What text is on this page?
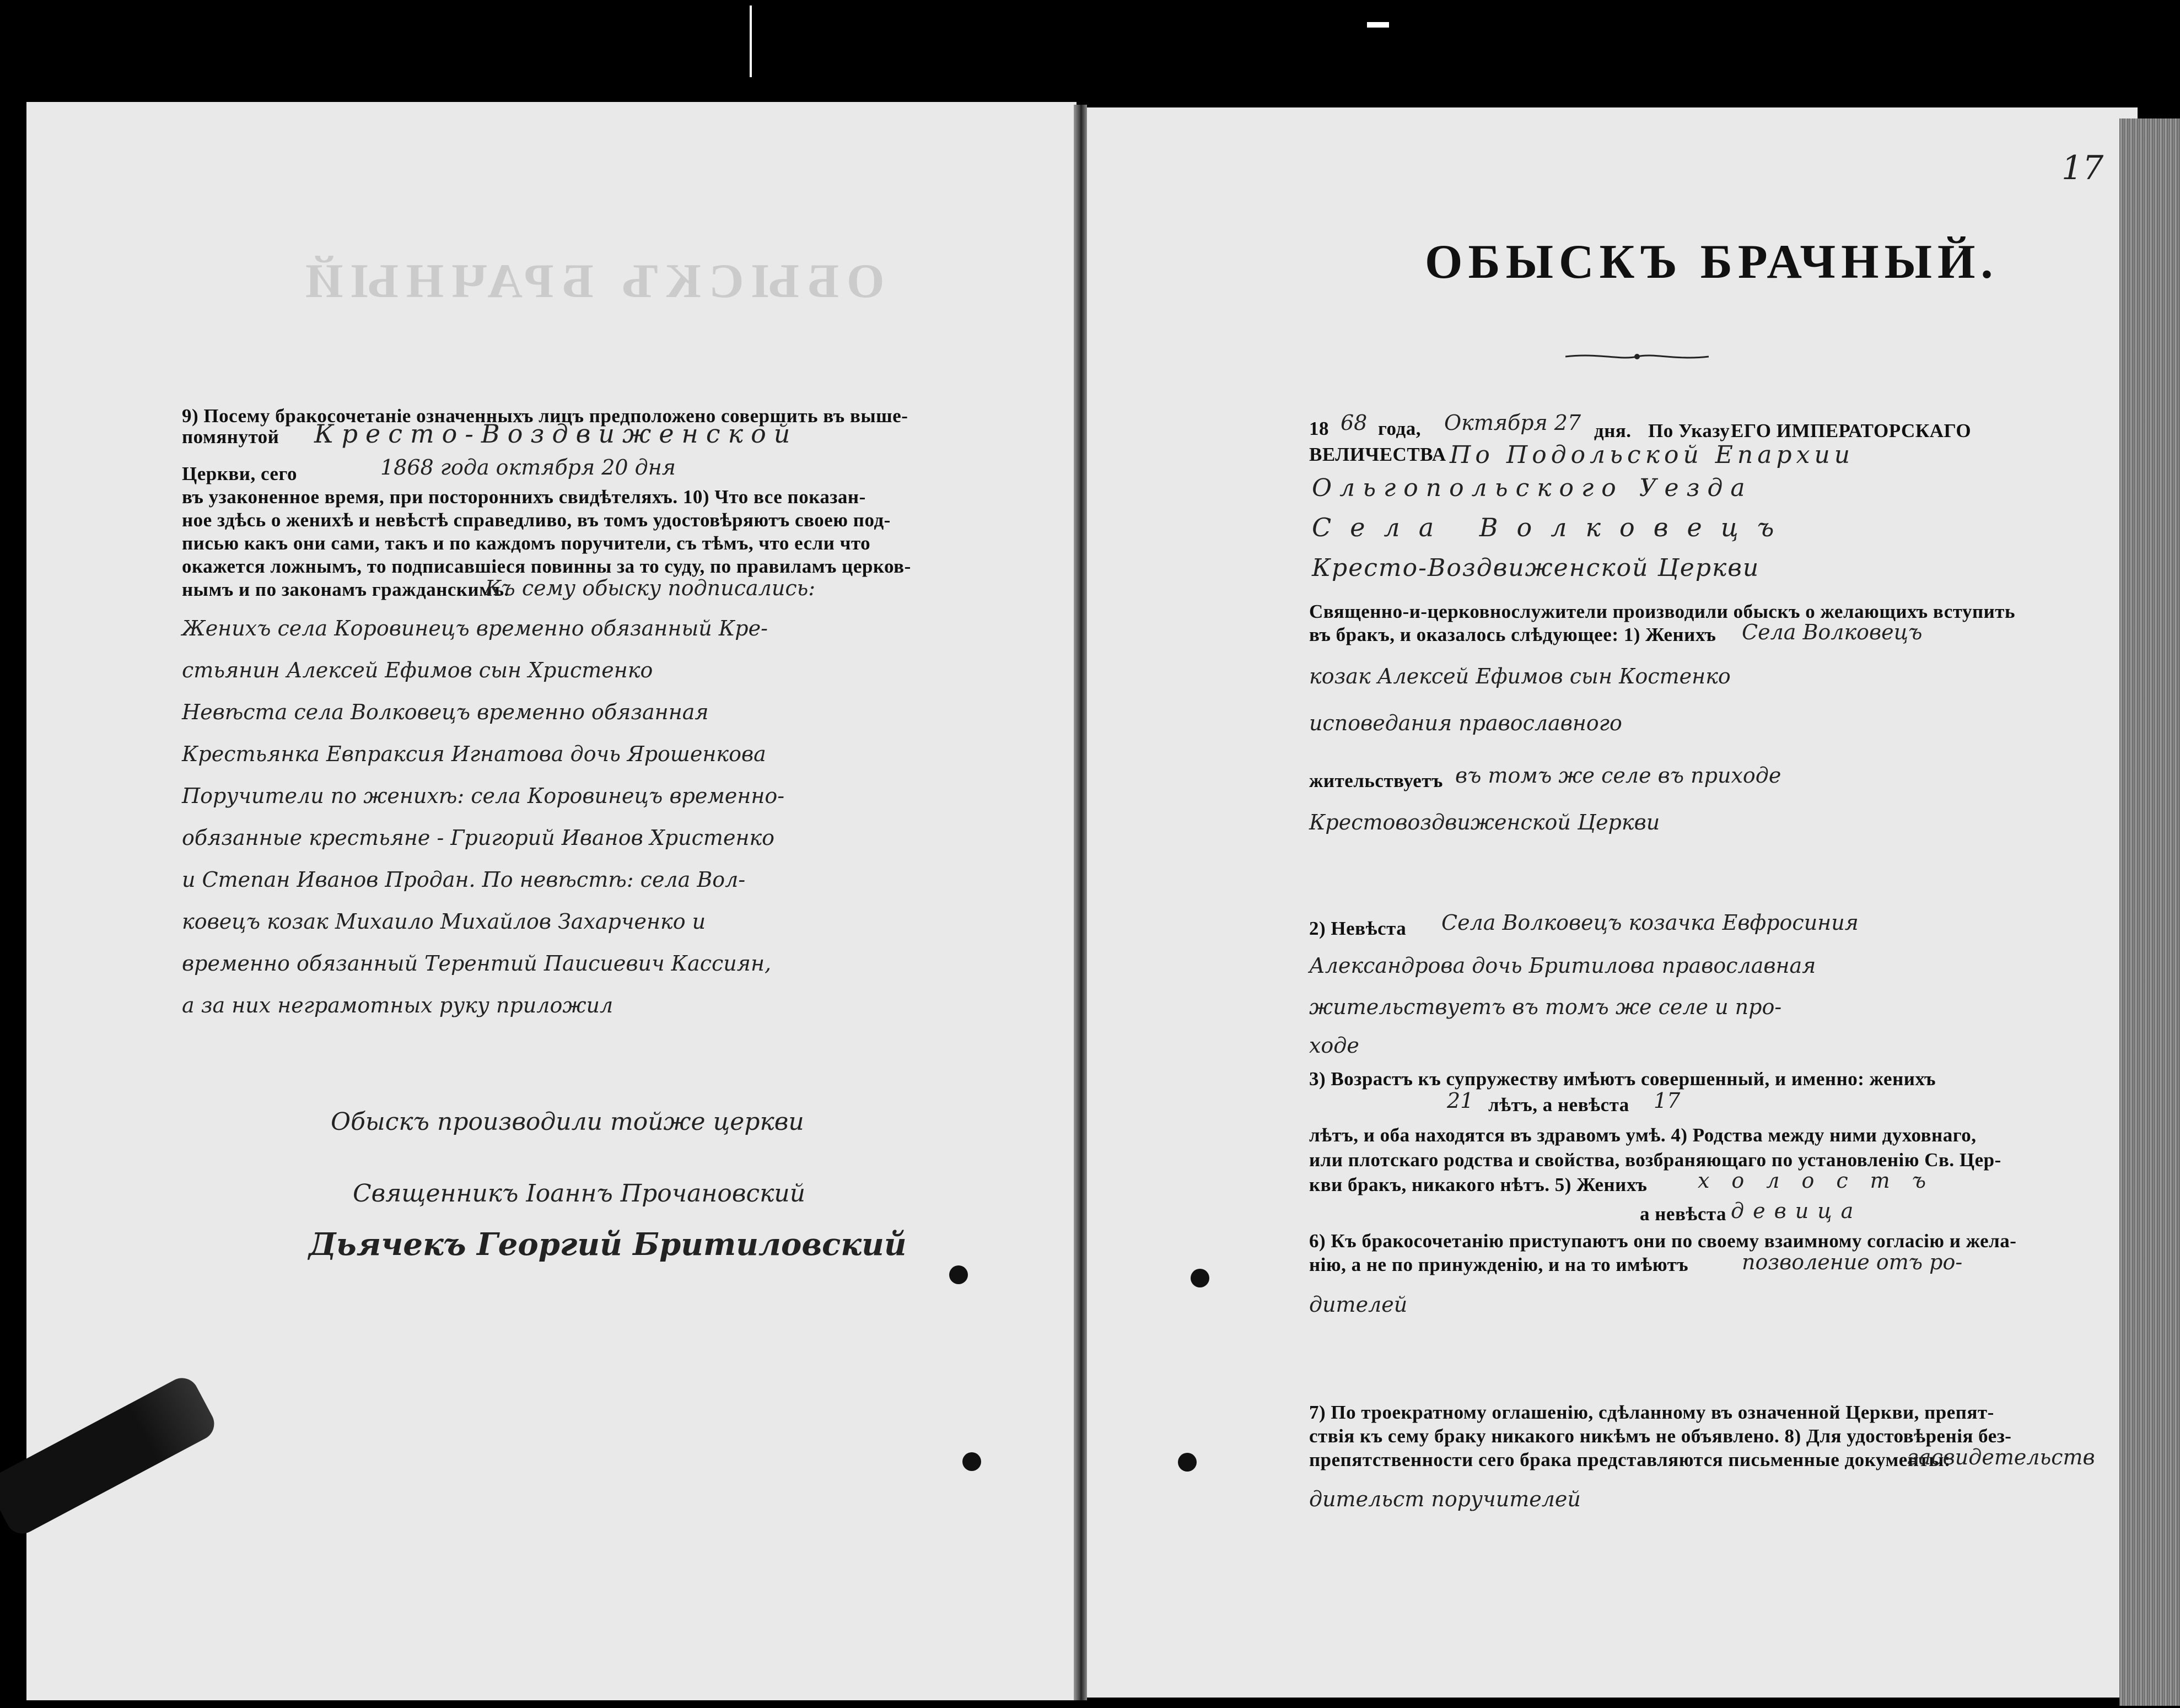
ОБЫСКЪ БРАЧНЫЙ
9) Посему бракосочетаніе означенныхъ лицъ предположено совершить въ выше-
помянутой
Церкви, сего
въ узаконенное время, при постороннихъ свидѣтеляхъ. 10) Что все показан-
ное здѣсь о женихѣ и невѣстѣ справедливо, въ томъ удостовѣряютъ своею под-
писью какъ они сами, такъ и по каждомъ поручители, съ тѣмъ, что если что
окажется ложнымъ, то подписавшіеся повинны за то суду, по правиламъ церков-
нымъ и по законамъ гражданскимъ.
Кресто-Воздвиженской
1868 года октября 20 дня
Къ сему обыску подписались:
Женихъ села Коровинецъ временно обязанный Кре-
стьянин Алексей Ефимов сын Христенко
Невѣста села Волковецъ временно обязанная
Крестьянка Евпраксия Игнатова дочь Ярошенкова
Поручители по женихѣ: села Коровинецъ временно-
обязанные крестьяне - Григорий Иванов Христенко
и Степан Иванов Продан. По невѣстѣ: села Вол-
ковецъ козак Михаило Михайлов Захарченко и
временно обязанный Терентий Паисиевич Кассиян,
а за них неграмотных руку приложил
Обыскъ производили тойже церкви
Священникъ Іоаннъ Прочановский
Дьячекъ Георгий Бритиловский
17
ОБЫСКЪ БРАЧНЫЙ.
18 68 года, Октября 27 дня. По Указу ЕГО ИМПЕРАТОРСКАГО
ВЕЛИЧЕСТВА По Подольской Епархии
Ольгопольского Уезда
Села Волковецъ
Кресто-Воздвиженской Церкви
Священно-и-церковнослужители производили обыскъ о желающихъ вступить
въ бракъ, и оказалось слѣдующее: 1) Женихъ Села Волковецъ
козак Алексей Ефимов сын Костенко
исповедания православного
жительствуетъ въ томъ же селе въ приходе
Крестовоздвиженской Церкви
2) Невѣста Села Волковецъ козачка Евфросиния
Александрова дочь Бритилова православная
жительствуетъ въ томъ же селе и про-
ходе
3) Возрастъ къ супружеству имѣютъ совершенный, и именно: женихъ
21 лѣтъ, а невѣста 17
лѣтъ, и оба находятся въ здравомъ умѣ. 4) Родства между ними духовнаго,
или плотскаго родства и свойства, возбраняющаго по установленію Св. Цер-
кви бракъ, никакого нѣтъ. 5) Женихъ холостъ
а невѣста девица
6) Къ бракосочетанію приступаютъ они по своему взаимному согласію и жела-
нію, а не по принужденію, и на то имѣютъ	позволение отъ ро-
дителей
7) По троекратному оглашенію, сдѣланному въ означенной Церкви, препят-
ствія къ сему браку никакого никѣмъ не объявлено. 8) Для удостовѣренія без-
препятственности сего брака представляются письменные документы:
засвидетельств
дительст поручителей
